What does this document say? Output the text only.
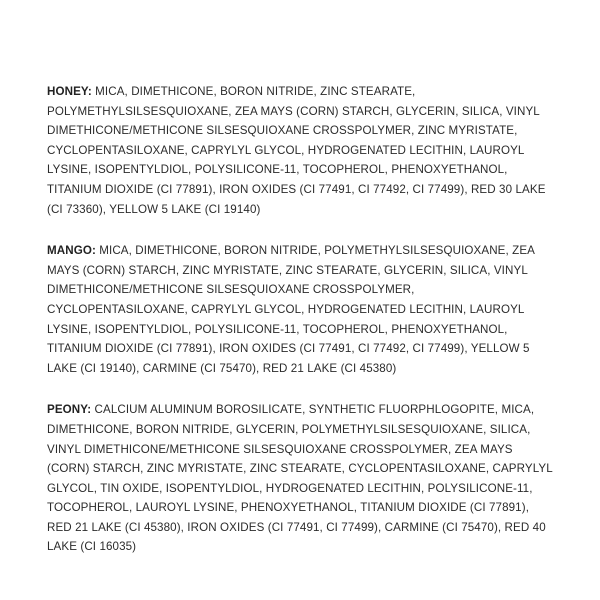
HONEY: MICA, DIMETHICONE, BORON NITRIDE, ZINC STEARATE, POLYMETHYLSILSESQUIOXANE, ZEA MAYS (CORN) STARCH, GLYCERIN, SILICA, VINYL DIMETHICONE/METHICONE SILSESQUIOXANE CROSSPOLYMER, ZINC MYRISTATE, CYCLOPENTASILOXANE, CAPRYLYL GLYCOL, HYDROGENATED LECITHIN, LAUROYL LYSINE, ISOPENTYLDIOL, POLYSILICONE-11, TOCOPHEROL, PHENOXYETHANOL, TITANIUM DIOXIDE (CI 77891), IRON OXIDES (CI 77491, CI 77492, CI 77499), RED 30 LAKE (CI 73360), YELLOW 5 LAKE (CI 19140)

MANGO: MICA, DIMETHICONE, BORON NITRIDE, POLYMETHYLSILSESQUIOXANE, ZEA MAYS (CORN) STARCH, ZINC MYRISTATE, ZINC STEARATE, GLYCERIN, SILICA, VINYL DIMETHICONE/METHICONE SILSESQUIOXANE CROSSPOLYMER, CYCLOPENTASILOXANE, CAPRYLYL GLYCOL, HYDROGENATED LECITHIN, LAUROYL LYSINE, ISOPENTYLDIOL, POLYSILICONE-11, TOCOPHEROL, PHENOXYETHANOL, TITANIUM DIOXIDE (CI 77891), IRON OXIDES (CI 77491, CI 77492, CI 77499), YELLOW 5 LAKE (CI 19140), CARMINE (CI 75470), RED 21 LAKE (CI 45380)

PEONY: CALCIUM ALUMINUM BOROSILICATE, SYNTHETIC FLUORPHLOGOPITE, MICA, DIMETHICONE, BORON NITRIDE, GLYCERIN, POLYMETHYLSILSESQUIOXANE, SILICA, VINYL DIMETHICONE/METHICONE SILSESQUIOXANE CROSSPOLYMER, ZEA MAYS (CORN) STARCH, ZINC MYRISTATE, ZINC STEARATE, CYCLOPENTASILOXANE, CAPRYLYL GLYCOL, TIN OXIDE, ISOPENTYLDIOL, HYDROGENATED LECITHIN, POLYSILICONE-11, TOCOPHEROL, LAUROYL LYSINE, PHENOXYETHANOL, TITANIUM DIOXIDE (CI 77891), RED 21 LAKE (CI 45380), IRON OXIDES (CI 77491, CI 77499), CARMINE (CI 75470), RED 40 LAKE (CI 16035)
